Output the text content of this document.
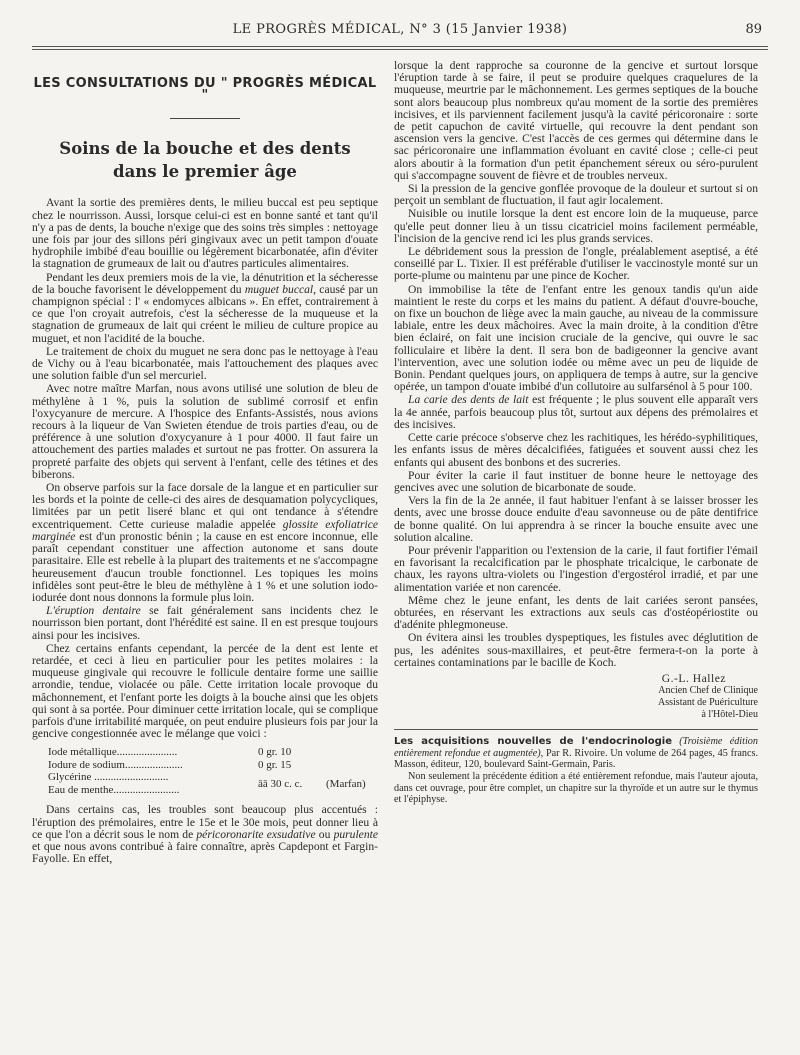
LE PROGRÈS MÉDICAL, N° 3 (15 Janvier 1938)	89

LES CONSULTATIONS DU " PROGRÈS MÉDICAL "

Soins de la bouche et des dents
dans le premier âge

Avant la sortie des premières dents, le milieu buccal est peu septique chez le nourrisson. Aussi, lorsque celui-ci est en bonne santé et tant qu'il n'y a pas de dents, la bouche n'exige que des soins très simples : nettoyage une fois par jour des sillons péri gingivaux avec un petit tampon d'ouate hydrophile imbibé d'eau bouillie ou légèrement bicarbonatée, afin d'éviter la stagnation de grumeaux de lait ou d'autres particules alimentaires.

Pendant les deux premiers mois de la vie, la dénutrition et la sécheresse de la bouche favorisent le développement du muguet buccal, causé par un champignon spécial : l' « endomyces albicans ». En effet, contrairement à ce que l'on croyait autrefois, c'est la sécheresse de la muqueuse et la stagnation de grumeaux de lait qui créent le milieu de culture propice au muguet, et non l'acidité de la bouche.

Le traitement de choix du muguet ne sera donc pas le nettoyage à l'eau de Vichy ou à l'eau bicarbonatée, mais l'attouchement des plaques avec une solution faible d'un sel mercuriel.

Avec notre maître Marfan, nous avons utilisé une solution de bleu de méthylène à 1 %, puis la solution de sublimé corrosif et enfin l'oxycyanure de mercure. A l'hospice des Enfants-Assistés, nous avions recours à la liqueur de Van Swieten étendue de trois parties d'eau, ou de préférence à une solution d'oxycyanure à 1 pour 4000. Il faut faire un attouchement des parties malades et surtout ne pas frotter. On assurera la propreté parfaite des objets qui servent à l'enfant, celle des tétines et des biberons.

On observe parfois sur la face dorsale de la langue et en particulier sur les bords et la pointe de celle-ci des aires de desquamation polycycliques, limitées par un petit liseré blanc et qui ont tendance à s'étendre excentriquement. Cette curieuse maladie appelée glossite exfoliatrice marginée est d'un pronostic bénin ; la cause en est encore inconnue, elle paraît cependant constituer une affection autonome et sans doute parasitaire. Elle est rebelle à la plupart des traitements et ne s'accompagne heureusement d'aucun trouble fonctionnel. Les topiques les moins infidèles sont peut-être le bleu de méthylène à 1 % et une solution iodo-iodurée dont nous donnons la formule plus loin.

L'éruption dentaire se fait généralement sans incidents chez le nourrisson bien portant, dont l'hérédité est saine. Il en est presque toujours ainsi pour les incisives.

Chez certains enfants cependant, la percée de la dent est lente et retardée, et ceci à lieu en particulier pour les petites molaires : la muqueuse gingivale qui recouvre le follicule dentaire forme une saillie arrondie, tendue, violacée ou pâle. Cette irritation locale provoque du mâchonnement, et l'enfant porte les doigts à la bouche ainsi que les objets qui sont à sa portée. Pour diminuer cette irritation locale, qui se complique parfois d'une irritabilité marquée, on peut enduire plusieurs fois par jour la gencive congestionnée avec le mélange que voici :

Iode métallique......................	0 gr. 10	
Iodure de sodium.....................	0 gr. 15	
Glycérine ...........................	āā 30 c. c.	(Marfan)
Eau de menthe........................		

Dans certains cas, les troubles sont beaucoup plus accentués : l'éruption des prémolaires, entre le 15e et le 30e mois, peut donner lieu à ce que l'on a décrit sous le nom de péricoronarite exsudative ou purulente et que nous avons contribué à faire connaître, après Capdepont et Fargin-Fayolle. En effet,

lorsque la dent rapproche sa couronne de la gencive et surtout lorsque l'éruption tarde à se faire, il peut se produire quelques craquelures de la muqueuse, meurtrie par le mâchonnement. Les germes septiques de la bouche sont alors beaucoup plus nombreux qu'au moment de la sortie des premières incisives, et ils parviennent facilement jusqu'à la cavité péricoronaire : sorte de petit capuchon de cavité virtuelle, qui recouvre la dent pendant son ascension vers la gencive. C'est l'accès de ces germes qui détermine dans le sac péricoronaire une inflammation évoluant en cavité close ; celle-ci peut alors aboutir à la formation d'un petit épanchement séreux ou séro-purulent qui s'accompagne souvent de fièvre et de troubles nerveux.

Si la pression de la gencive gonflée provoque de la douleur et surtout si on perçoit un semblant de fluctuation, il faut agir localement.

Nuisible ou inutile lorsque la dent est encore loin de la muqueuse, parce qu'elle peut donner lieu à un tissu cicatriciel moins facilement perméable, l'incision de la gencive rend ici les plus grands services.

Le débridement sous la pression de l'ongle, préalablement aseptisé, a été conseillé par L. Tixier. Il est préférable d'utiliser le vaccinostyle monté sur un porte-plume ou maintenu par une pince de Kocher.

On immobilise la tête de l'enfant entre les genoux tandis qu'un aide maintient le reste du corps et les mains du patient. A défaut d'ouvre-bouche, on fixe un bouchon de liège avec la main gauche, au niveau de la commissure labiale, entre les deux mâchoires. Avec la main droite, à la condition d'être bien éclairé, on fait une incision cruciale de la gencive, qui ouvre le sac folliculaire et libère la dent. Il sera bon de badigeonner la gencive avant l'intervention, avec une solution iodée ou même avec un peu de liquide de Bonin. Pendant quelques jours, on appliquera de temps à autre, sur la gencive opérée, un tampon d'ouate imbibé d'un collutoire au sulfarsénol à 5 pour 100.

La carie des dents de lait est fréquente ; le plus souvent elle apparaît vers la 4e année, parfois beaucoup plus tôt, surtout aux dépens des prémolaires et des incisives.

Cette carie précoce s'observe chez les rachitiques, les hérédo-syphilitiques, les enfants issus de mères décalcifiées, fatiguées et souvent aussi chez les enfants qui abusent des bonbons et des sucreries.

Pour éviter la carie il faut instituer de bonne heure le nettoyage des gencives avec une solution de bicarbonate de soude.

Vers la fin de la 2e année, il faut habituer l'enfant à se laisser brosser les dents, avec une brosse douce enduite d'eau savonneuse ou de pâte dentifrice de bonne qualité. On lui apprendra à se rincer la bouche ensuite avec une solution alcaline.

Pour prévenir l'apparition ou l'extension de la carie, il faut fortifier l'émail en favorisant la recalcification par le phosphate tricalcique, le carbonate de chaux, les rayons ultra-violets ou l'ingestion d'ergostérol irradié, et par une alimentation variée et non carencée.

Même chez le jeune enfant, les dents de lait cariées seront pansées, obturées, en réservant les extractions aux seuls cas d'ostéopériostite ou d'adénite phlegmoneuse.

On évitera ainsi les troubles dyspeptiques, les fistules avec déglutition de pus, les adénites sous-maxillaires, et peut-être fermera-t-on la porte à certaines contaminations par le bacille de Koch.

G.-L. Hallez
Ancien Chef de Clinique
Assistant de Puériculture
à l'Hôtel-Dieu

Les acquisitions nouvelles de l'endocrinologie (Troisième édition entièrement refondue et augmentée), Par R. Rivoire. Un volume de 264 pages, 45 francs. Masson, éditeur, 120, boulevard Saint-Germain, Paris.

Non seulement la précédente édition a été entièrement refondue, mais l'auteur ajouta, dans cet ouvrage, pour être complet, un chapitre sur la thyroïde et un autre sur le thymus et l'épiphyse.
